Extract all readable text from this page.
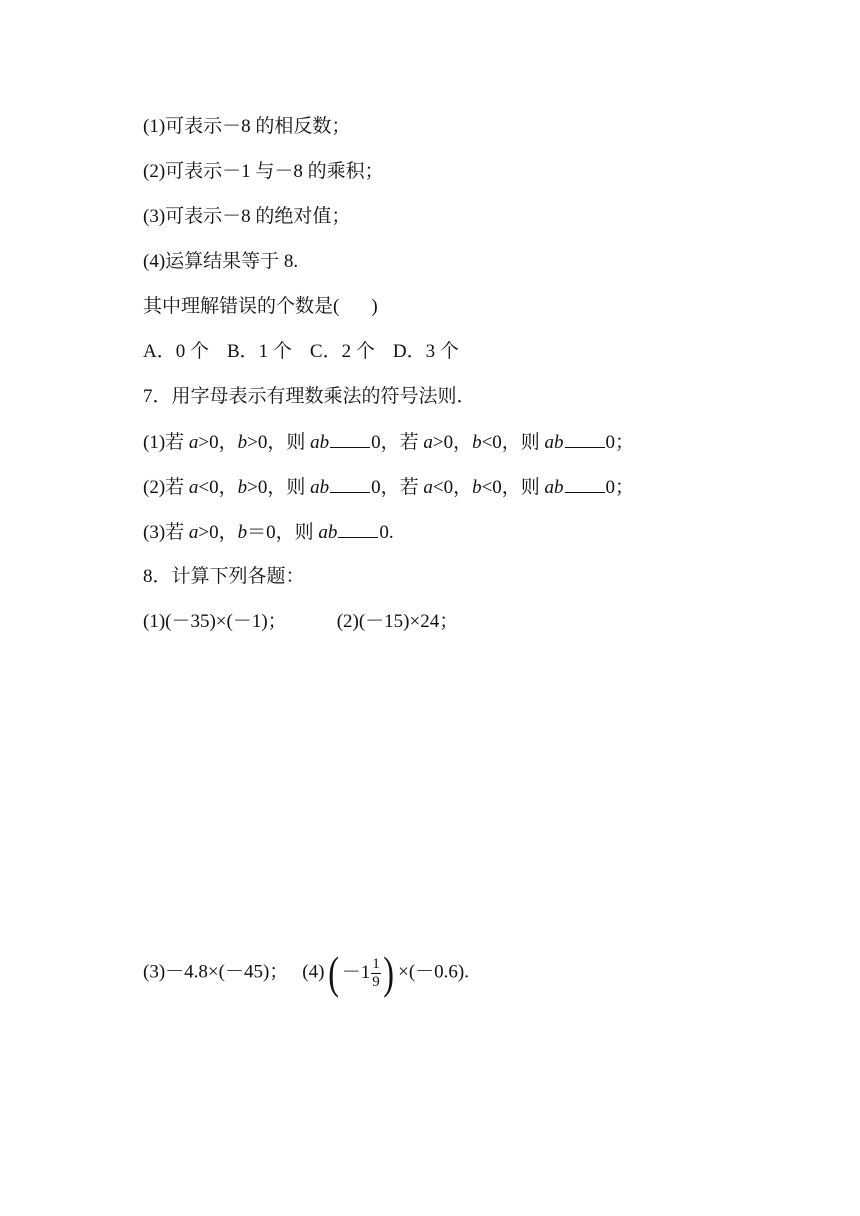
(1)可表示－8 的相反数；
(2)可表示－1 与－8 的乘积；
(3)可表示－8 的绝对值；
(4)运算结果等于 8.
其中理解错误的个数是( )
A．0 个 B．1 个 C．2 个 D．3 个
7．用字母表示有理数乘法的符号法则．
(1)若 a>0，b>0，则 ab 0，若 a>0，b<0，则 ab 0；
(2)若 a<0，b>0，则 ab 0，若 a<0，b<0，则 ab 0；
(3)若 a>0，b＝0，则 ab 0.
8．计算下列各题：
(1)(－35)×(－1)；	(2)(－15)×24；
(3)－4.8×(－45)； (4) ( $-1 \frac{1}{9}$ ) ×(－0.6).
